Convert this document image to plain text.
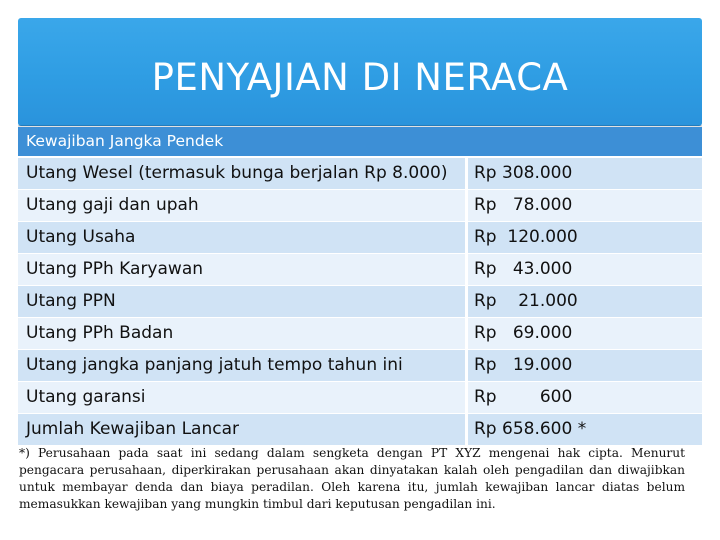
PENYAJIAN DI NERACA
Kewajiban Jangka Pendek
Utang Wesel (termasuk bunga berjalan Rp 8.000)	Rp 308.000
Utang gaji dan upah	Rp   78.000
Utang Usaha	Rp  120.000
Utang PPh Karyawan	Rp   43.000
Utang PPN	Rp    21.000
Utang PPh Badan	Rp   69.000
Utang jangka panjang jatuh tempo tahun ini	Rp   19.000
Utang garansi	Rp        600
Jumlah Kewajiban Lancar	Rp 658.600 *
*) Perusahaan pada saat ini sedang dalam sengketa dengan PT XYZ mengenai hak cipta. Menurut pengacara perusahaan, diperkirakan perusahaan akan dinyatakan kalah oleh pengadilan dan diwajibkan untuk membayar denda dan biaya peradilan. Oleh karena itu, jumlah kewajiban lancar diatas belum memasukkan kewajiban yang mungkin timbul dari keputusan pengadilan ini.
